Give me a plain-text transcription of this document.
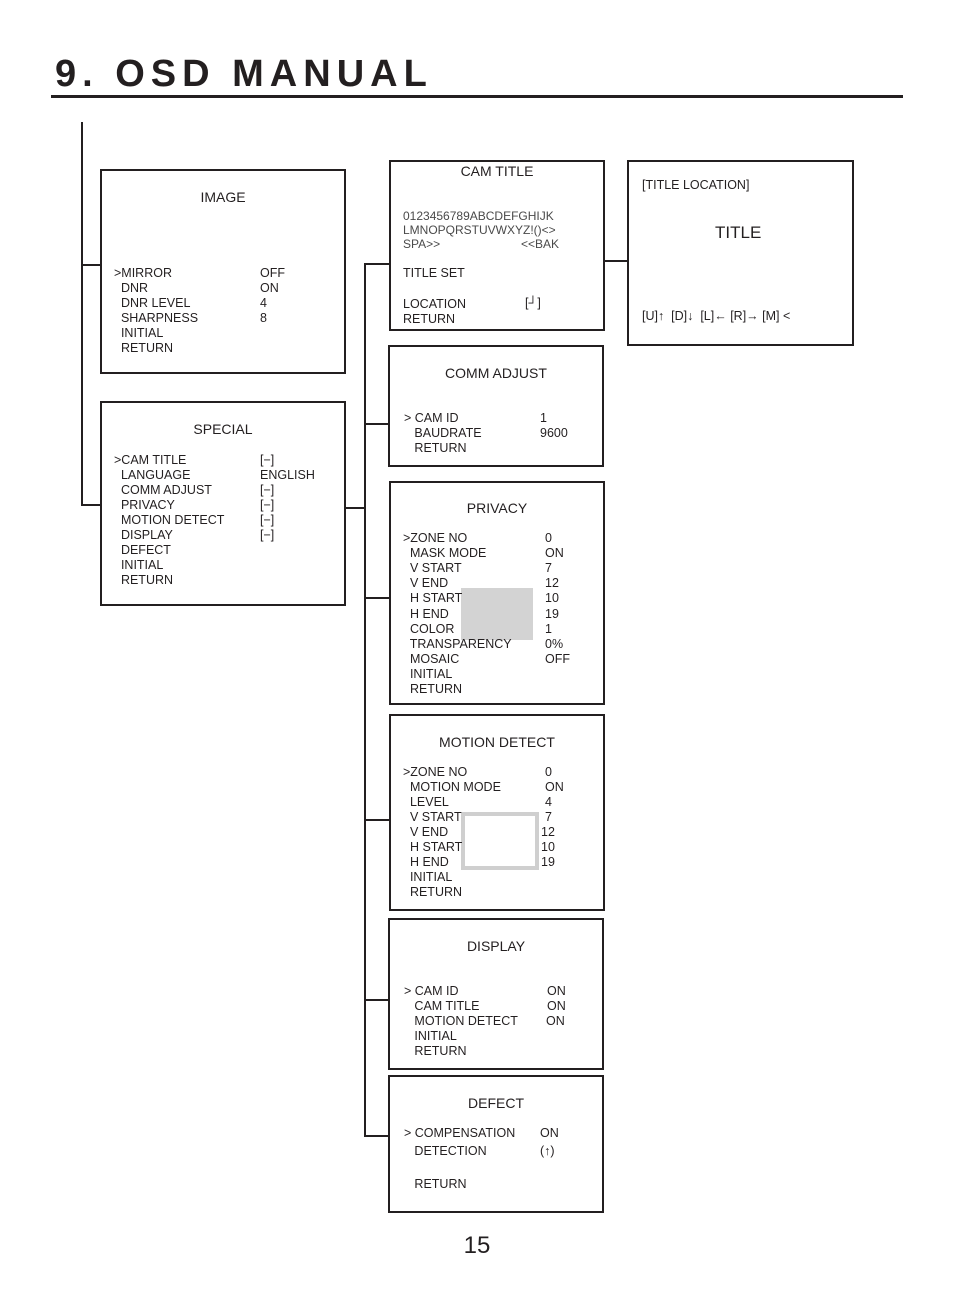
9. OSD MANUAL
IMAGE
>MIRROR	OFF
DNR	ON
DNR LEVEL	4
SHARPNESS	8
INITIAL
RETURN
SPECIAL
>CAM TITLE	[−]
LANGUAGE	ENGLISH
COMM ADJUST	[−]
PRIVACY	[−]
MOTION DETECT	[−]
DISPLAY	[−]
DEFECT
INITIAL
RETURN
CAM TITLE
0123456789ABCDEFGHIJK
LMNOPQRSTUVWXYZ!()<>
SPA>>	<<BAK
TITLE SET
LOCATION	[┘]
RETURN
[TITLE LOCATION]
TITLE
[U]↑  [D]↓  [L]← [R]→ [M] <
COMM ADJUST
> CAM ID	1
BAUDRATE	9600
RETURN
PRIVACY
>ZONE NO	0
MASK MODE	ON
V START	7
V END	12
H START	10
H END	19
COLOR	1
TRANSPARENCY	0%
MOSAIC	OFF
INITIAL
RETURN
MOTION DETECT
>ZONE NO	0
MOTION MODE	ON
LEVEL	4
V START	7
V END	12
H START	10
H END	19
INITIAL
RETURN
DISPLAY
> CAM ID	ON
CAM TITLE	ON
MOTION DETECT ON
INITIAL
RETURN
DEFECT
> COMPENSATION ON
DETECTION	(↑)
RETURN
15
